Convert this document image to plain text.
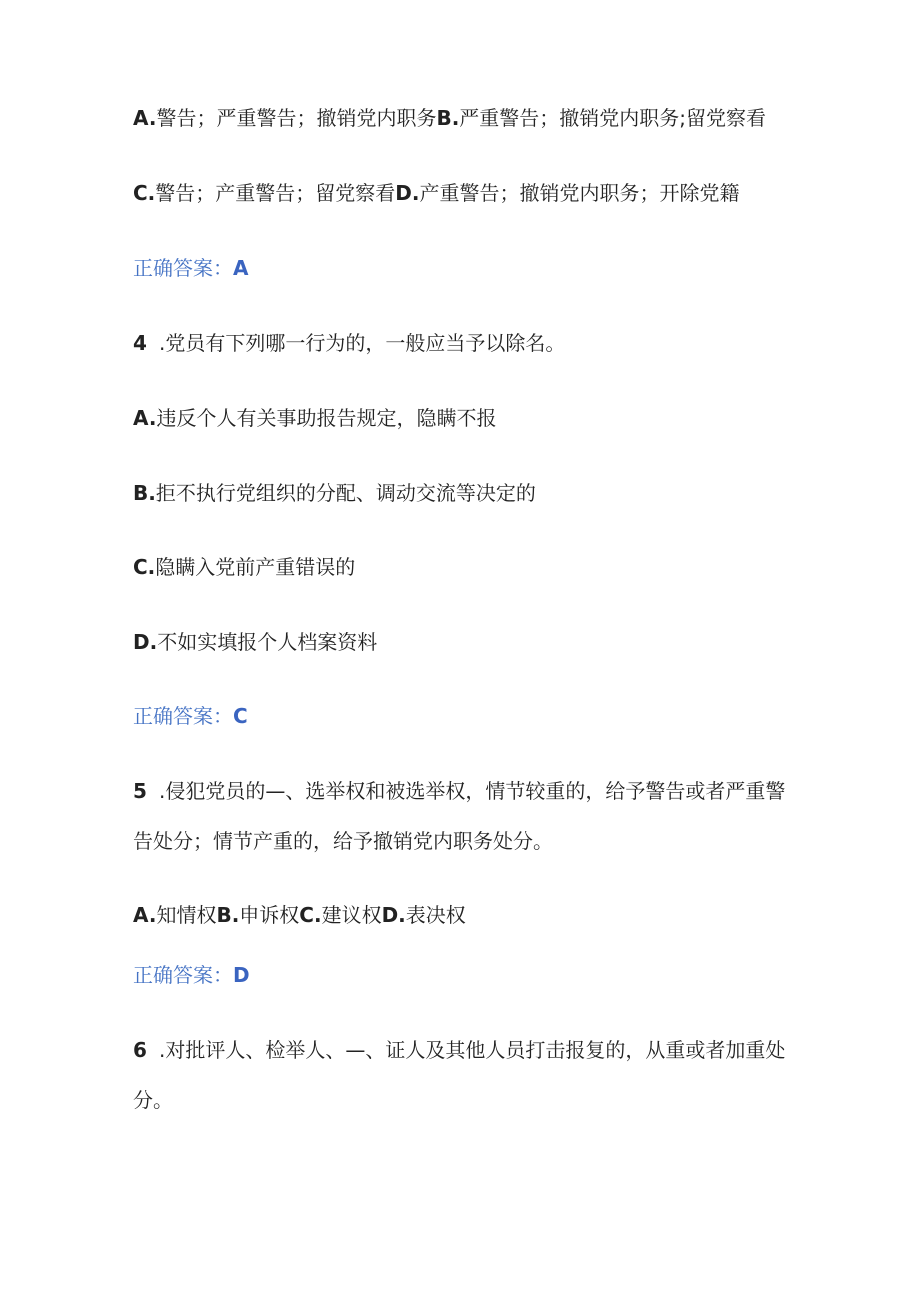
A.警告；严重警告；撤销党内职务B.严重警告；撤销党内职务;留党察看
C.警告；产重警告；留党察看D.产重警告；撤销党内职务；开除党籍
正确答案：A
4 .党员有下列哪一行为的，一般应当予以除名。
A.违反个人有关事助报告规定，隐瞒不报
B.拒不执行党组织的分配、调动交流等决定的
C.隐瞒入党前产重错误的
D.不如实填报个人档案资料
正确答案：C
5 .侵犯党员的—、选举权和被选举权，情节较重的，给予警告或者严重警
告处分；情节产重的，给予撤销党内职务处分。
A.知情权B.申诉权C.建议权D.表决权
正确答案：D
6 .对批评人、检举人、—、证人及其他人员打击报复的，从重或者加重处
分。
